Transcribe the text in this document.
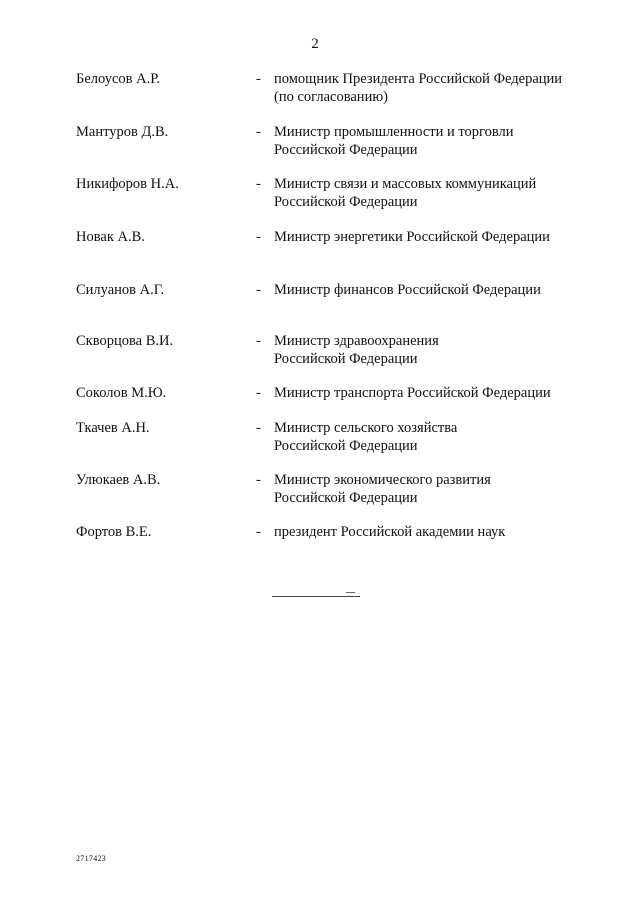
2
Белоусов А.Р.	- помощник Президента Российской Федерации
(по согласованию)
Мантуров Д.В.	- Министр промышленности и торговли
Российской Федерации
Никифоров Н.А.	- Министр связи и массовых коммуникаций
Российской Федерации
Новак А.В.	- Министр энергетики Российской Федерации
Силуанов А.Г.	- Министр финансов Российской Федерации
Скворцова В.И.	- Министр здравоохранения
Российской Федерации
Соколов М.Ю.	- Министр транспорта Российской Федерации
Ткачев А.Н.	- Министр сельского хозяйства
Российской Федерации
Улюкаев А.В.	- Министр экономического развития
Российской Федерации
Фортов В.Е.	- президент Российской академии наук
2717423
